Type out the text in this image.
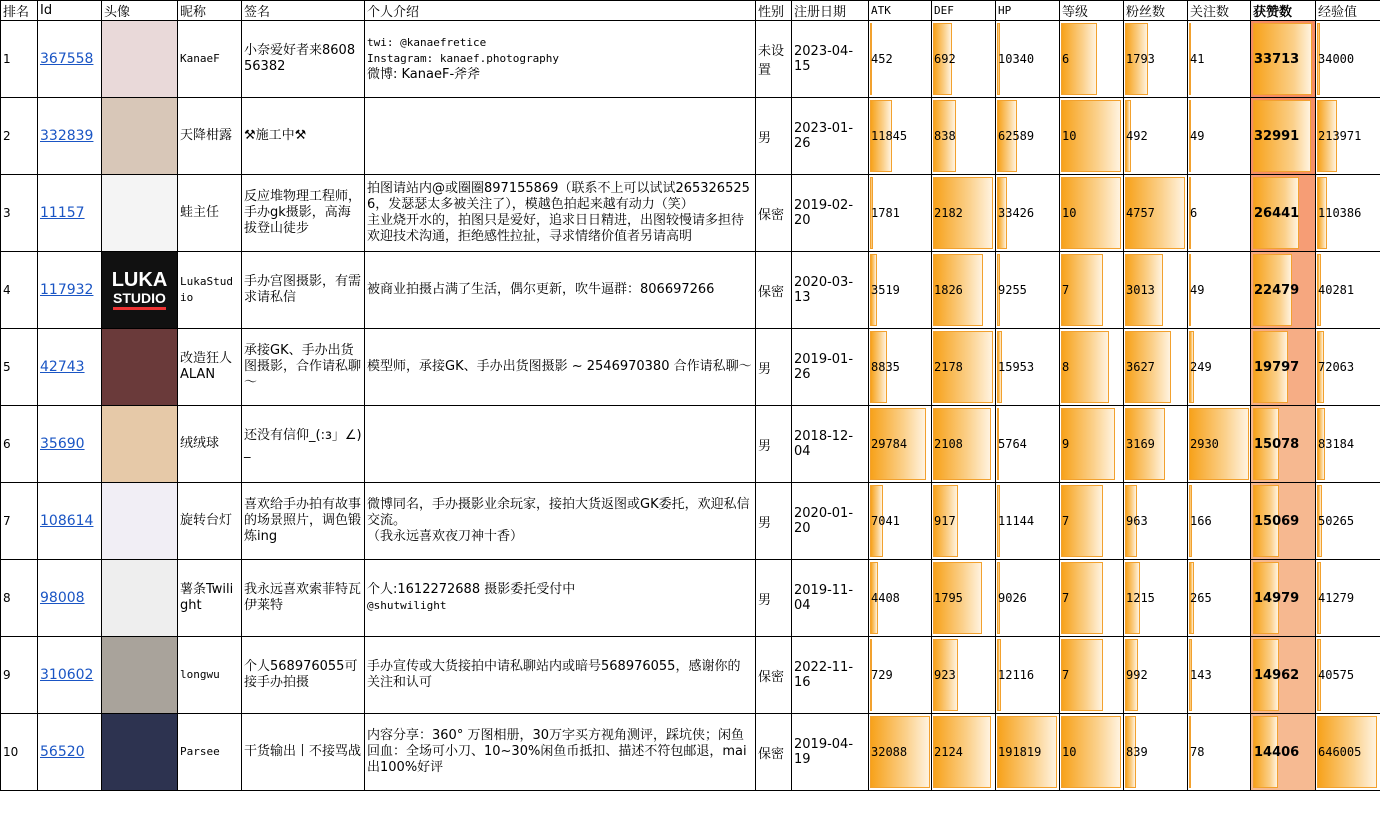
排名	Id	头像	昵称	签名	个人介绍	性别	注册日期	ATK	DEF	HP	等级	粉丝数	关注数	获赞数	经验值
1	367558		KanaeF	小奈爱好者来860856382	twi: @kanaefretice
Instagram: kanaef.photography
微博: KanaeF-斧斧	未设置	2023-04-15	452	692	10340	6	1793	41	33713	34000
2	332839		天降柑露	⚒施工中⚒		男	2023-01-26	11845	838	62589	10	492	49	32991	213971
3	11157		蛙主任	反应堆物理工程师，手办gk摄影，高海拔登山徒步	拍图请站内@或圈圈897155869（联系不上可以试试2653265256，发瑟瑟太多被关注了），模越色拍起来越有动力（笑）
主业烧开水的，拍图只是爱好，追求日日精进，出图较慢请多担待
欢迎技术沟通，拒绝感性拉扯，寻求情绪价值者另请高明	保密	2019-02-20	1781	2182	33426	10	4757	6	26441	110386
4	117932	LUKA
STUDIO	LukaStudio	手办宫图摄影，有需求请私信	被商业拍摄占满了生活，偶尔更新，吹牛逼群：806697266	保密	2020-03-13	3519	1826	9255	7	3013	49	22479	40281
5	42743		改造狂人ALAN	承接GK、手办出货图摄影，合作请私聊～	模型师，承接GK、手办出货图摄影 ~ 2546970380 合作请私聊～	男	2019-01-26	8835	2178	15953	8	3627	249	19797	72063
6	35690		绒绒球	还没有信仰_(:з」∠)_		男	2018-12-04	29784	2108	5764	9	3169	2930	15078	83184
7	108614		旋转台灯	喜欢给手办拍有故事的场景照片，调色锻炼ing	微博同名，手办摄影业余玩家，接拍大货返图或GK委托，欢迎私信交流。
（我永远喜欢夜刀神十香）	男	2020-01-20	7041	917	11144	7	963	166	15069	50265
8	98008		薯条Twilight	我永远喜欢索菲特瓦伊莱特	个人:1612272688 摄影委托受付中
@shutwilight	男	2019-11-04	4408	1795	9026	7	1215	265	14979	41279
9	310602		longwu	个人568976055可接手办拍摄	手办宣传或大货接拍中请私聊站内或暗号568976055，感谢你的关注和认可	保密	2022-11-16	729	923	12116	7	992	143	14962	40575
10	56520		Parsee	干货输出丨不接骂战	内容分享：360° 万图相册，30万字买方视角测评，踩坑侠；闲鱼回血：全场可小刀、10~30%闲鱼币抵扣、描述不符包邮退，mai出100%好评	保密	2019-04-19	32088	2124	191819	10	839	78	14406	646005
